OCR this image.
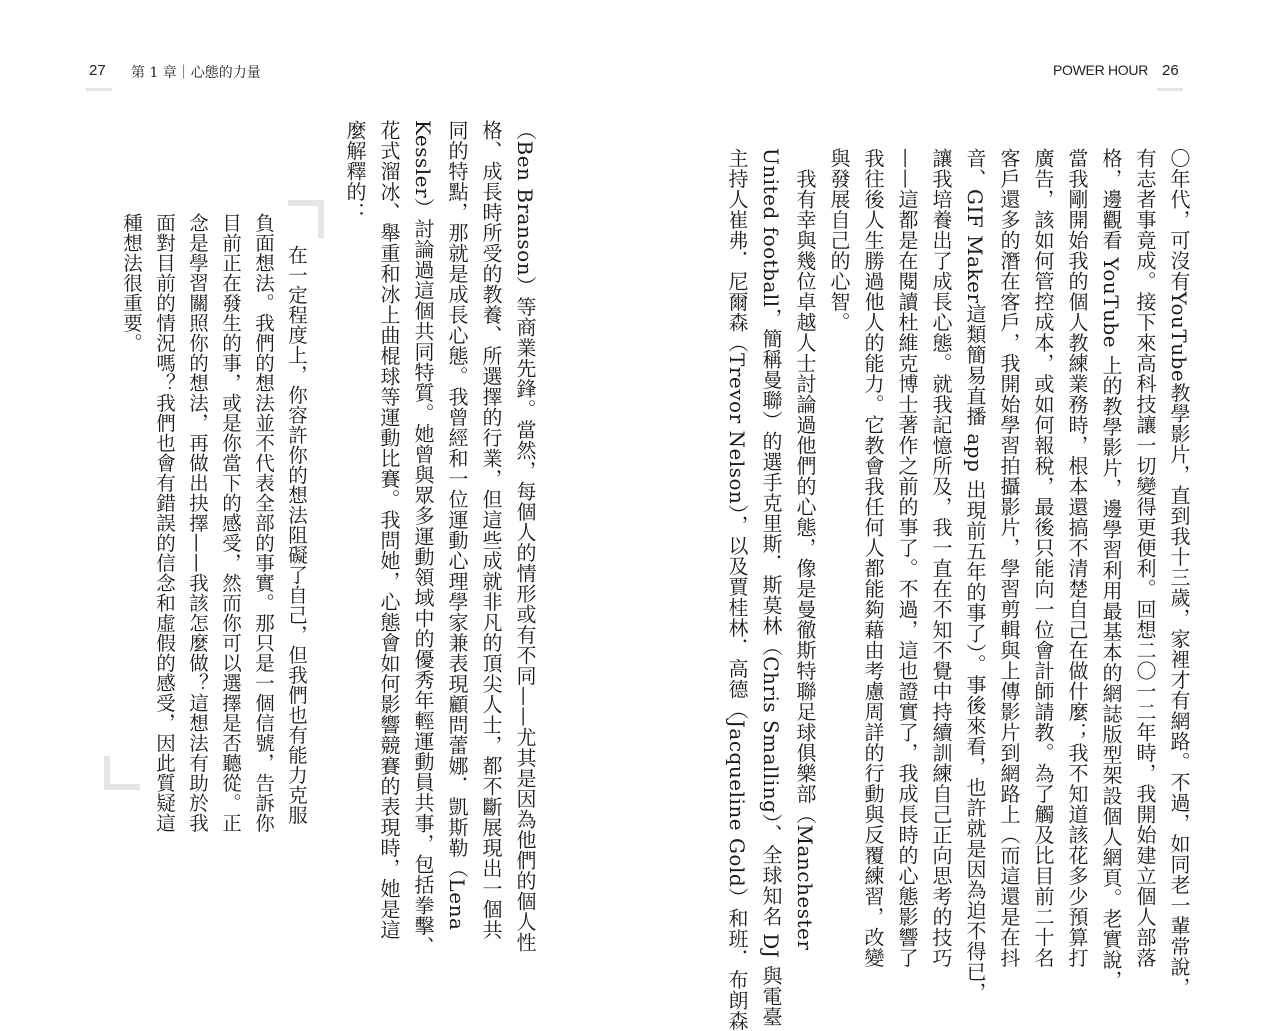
27 第 1 章｜心態的力量
（Ben Branson）等商業先鋒。當然，每個人的情形或有不同——尤其是因為他們的個人性
格、成長時所受的教養、所選擇的行業，但這些成就非凡的頂尖人士，都不斷展現出一個共
同的特點，那就是成長心態。我曾經和一位運動心理學家兼表現顧問蕾娜．凱斯勒（Lena
Kessler）討論過這個共同特質。她曾與眾多運動領域中的優秀年輕運動員共事，包括拳擊、
花式溜冰、舉重和冰上曲棍球等運動比賽。我問她，心態會如何影響競賽的表現時，她是這
麼解釋的：
在一定程度上，你容許你的想法阻礙了自己，但我們也有能力克服
負面想法。我們的想法並不代表全部的事實。那只是一個信號，告訴你
目前正在發生的事，或是你當下的感受，然而你可以選擇是否聽從。正
念是學習關照你的想法，再做出抉擇——我該怎麼做？這想法有助於我
面對目前的情況嗎？我們也會有錯誤的信念和虛假的感受，因此質疑這
種想法很重要。
POWER HOUR 26
〇年代，可沒有YouTube教學影片，直到我十三歲，家裡才有網路。不過，如同老一輩常說，
有志者事竟成。接下來高科技讓一切變得更便利。回想二〇一二年時，我開始建立個人部落
格，邊觀看 YouTube 上的教學影片，邊學習利用最基本的網誌版型架設個人網頁。老實說，
當我剛開始我的個人教練業務時，根本還搞不清楚自己在做什麼；我不知道該花多少預算打
廣告，該如何管控成本，或如何報稅，最後只能向一位會計師請教。為了觸及比目前二十名
客戶還多的潛在客戶，我開始學習拍攝影片，學習剪輯與上傳影片到網路上（而這還是在抖
音、GIF Maker這類簡易直播 app 出現前五年的事了）。事後來看，也許就是因為迫不得已，
讓我培養出了成長心態。就我記憶所及，我一直在不知不覺中持續訓練自己正向思考的技巧
——這都是在閱讀杜維克博士著作之前的事了。不過，這也證實了，我成長時的心態影響了
我往後人生勝過他人的能力。它教會我任何人都能夠藉由考慮周詳的行動與反覆練習，改變
與發展自己的心智。
　我有幸與幾位卓越人士討論過他們的心態，像是曼徹斯特聯足球俱樂部（Manchester
United football，簡稱曼聯）的選手克里斯．斯莫林（Chris Smalling）、全球知名 DJ 與電臺
主持人崔弗．尼爾森（Trevor Nelson），以及賈桂林．高德（Jacqueline Gold）和班．布朗森
